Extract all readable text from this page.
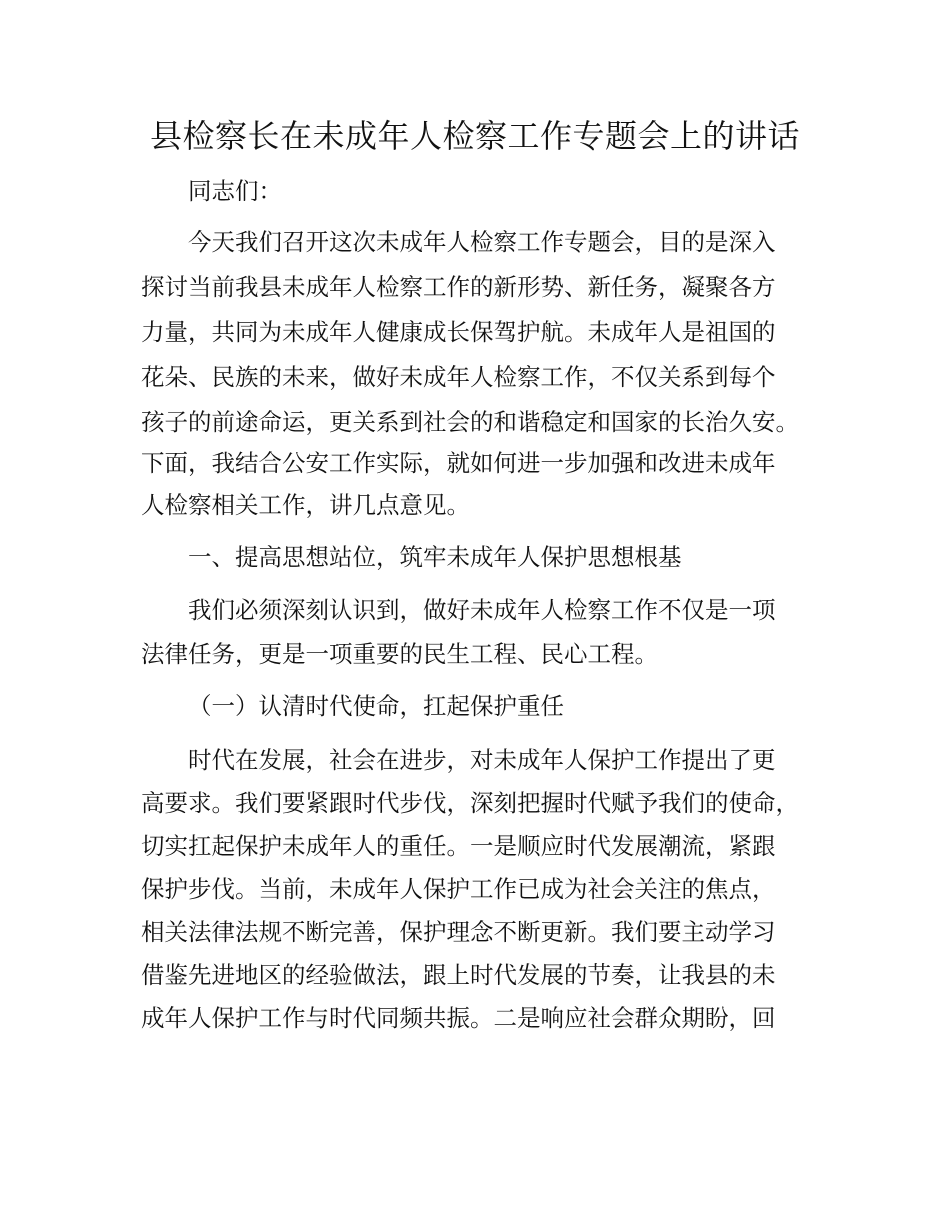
县检察长在未成年人检察工作专题会上的讲话
同志们：
今天我们召开这次未成年人检察工作专题会，目的是深入
探讨当前我县未成年人检察工作的新形势、新任务，凝聚各方
力量，共同为未成年人健康成长保驾护航。未成年人是祖国的
花朵、民族的未来，做好未成年人检察工作，不仅关系到每个
孩子的前途命运，更关系到社会的和谐稳定和国家的长治久安。
下面，我结合公安工作实际，就如何进一步加强和改进未成年
人检察相关工作，讲几点意见。
一、提高思想站位，筑牢未成年人保护思想根基
我们必须深刻认识到，做好未成年人检察工作不仅是一项
法律任务，更是一项重要的民生工程、民心工程。
（一）认清时代使命，扛起保护重任
时代在发展，社会在进步，对未成年人保护工作提出了更
高要求。我们要紧跟时代步伐，深刻把握时代赋予我们的使命，
切实扛起保护未成年人的重任。一是顺应时代发展潮流，紧跟
保护步伐。当前，未成年人保护工作已成为社会关注的焦点，
相关法律法规不断完善，保护理念不断更新。我们要主动学习
借鉴先进地区的经验做法，跟上时代发展的节奏，让我县的未
成年人保护工作与时代同频共振。二是响应社会群众期盼，回
